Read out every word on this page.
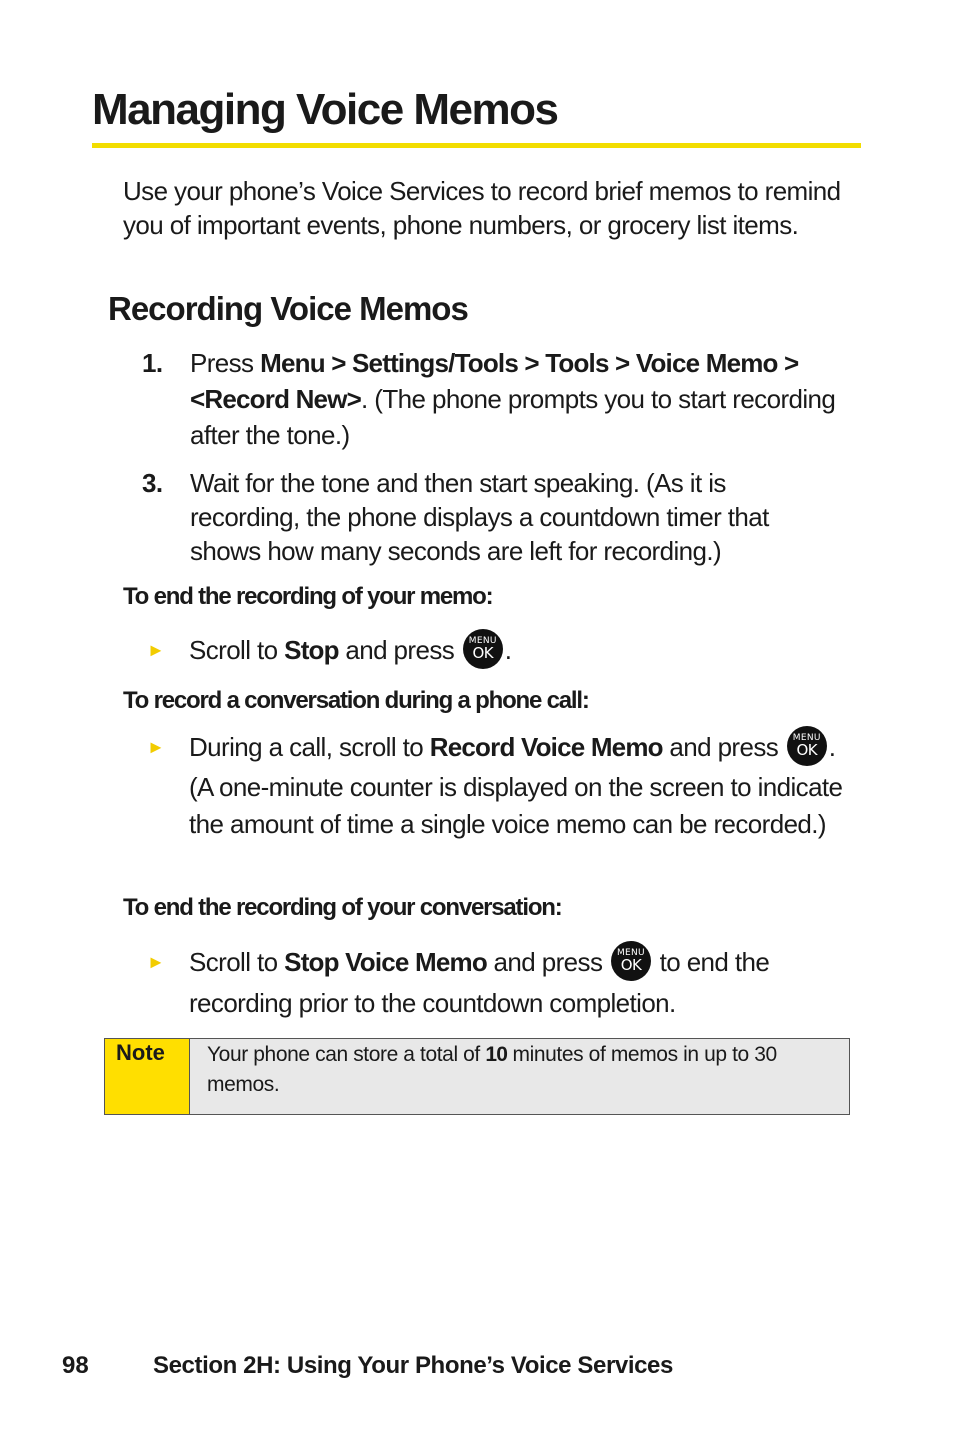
Managing Voice Memos

Use your phone’s Voice Services to record brief memos to remind you of important events, phone numbers, or grocery list items.

Recording Voice Memos
1. Press Menu > Settings/Tools > Tools > Voice Memo >
<Record New>. (The phone prompts you to start recording after the tone.)
3. Wait for the tone and then start speaking. (As it is recording, the phone displays a countdown timer that shows how many seconds are left for recording.)

To end the recording of your memo:

► Scroll to Stop and press MENU
OK .

To record a conversation during a phone call:

► During a call, scroll to Record Voice Memo and press MENU
OK . (A one-minute counter is displayed on the screen to indicate the amount of time a single voice memo can be recorded.)

To end the recording of your conversation:

► Scroll to Stop Voice Memo and press MENU
OK to end the recording prior to the countdown completion.
Note	Your phone can store a total of 10 minutes of memos in up to 30 memos.
98	Section 2H: Using Your Phone’s Voice Services
